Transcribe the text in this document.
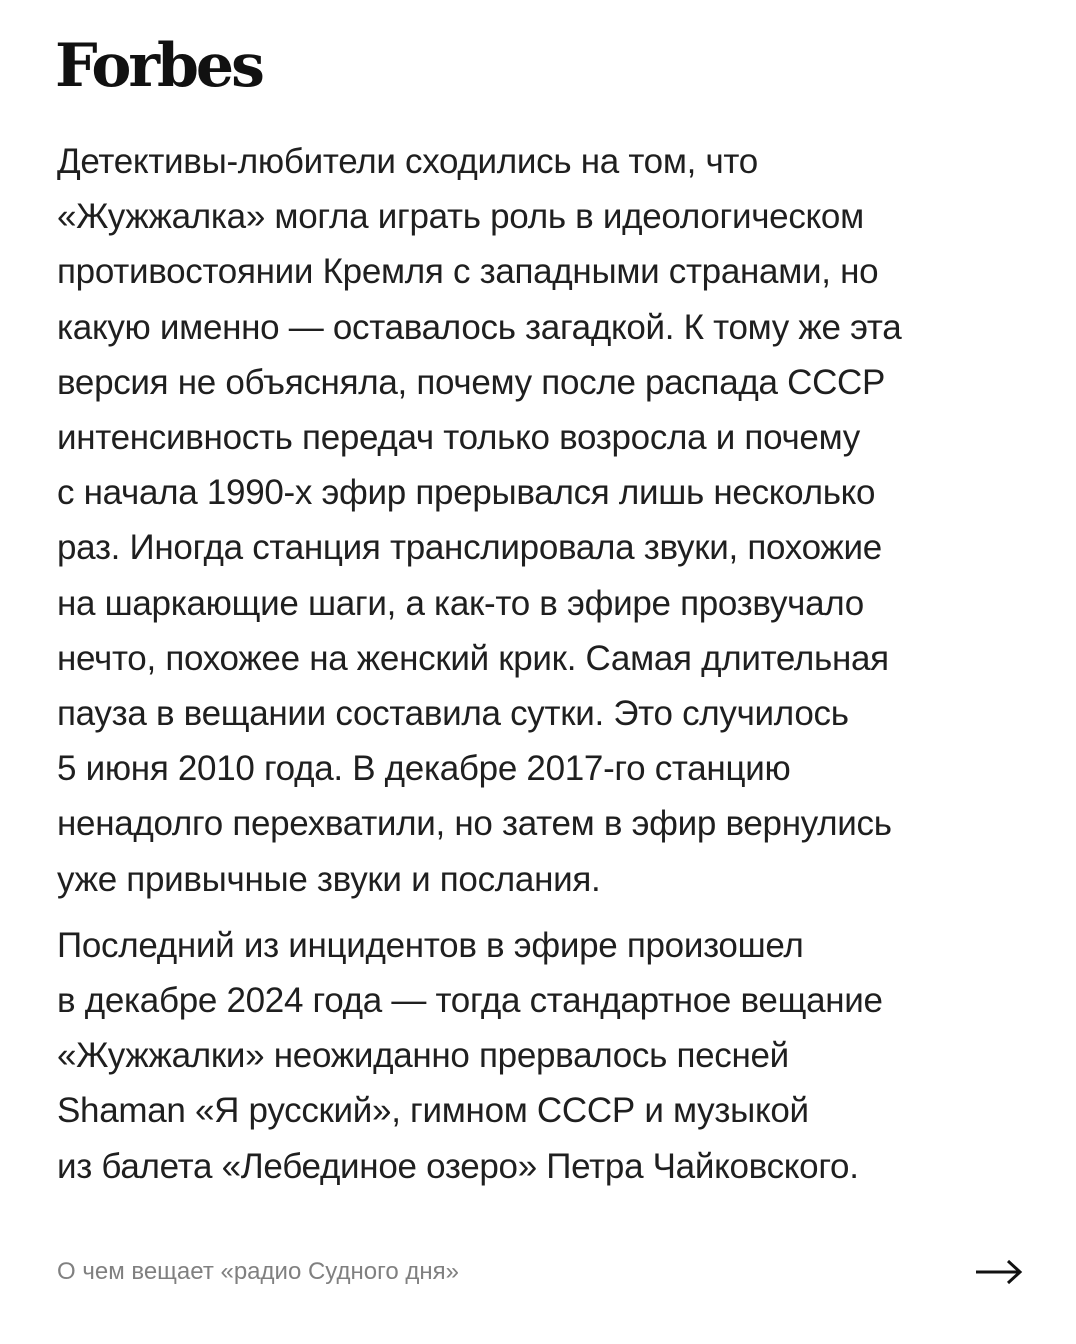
Forbes

Детективы-любители сходились на том, что
«Жужжалка» могла играть роль в идеологическом
противостоянии Кремля с западными странами, но
какую именно — оставалось загадкой. К тому же эта
версия не объясняла, почему после распада СССР
интенсивность передач только возросла и почему
с начала 1990-х эфир прерывался лишь несколько
раз. Иногда станция транслировала звуки, похожие
на шаркающие шаги, а как-то в эфире прозвучало
нечто, похожее на женский крик. Самая длительная
пауза в вещании составила сутки. Это случилось
5 июня 2010 года. В декабре 2017-го станцию
ненадолго перехватили, но затем в эфир вернулись
уже привычные звуки и послания.

Последний из инцидентов в эфире произошел
в декабре 2024 года — тогда стандартное вещание
«Жужжалки» неожиданно прервалось песней
Shaman «Я русский», гимном СССР и музыкой
из балета «Лебединое озеро» Петра Чайковского.

О чем вещает «радио Судного дня»
